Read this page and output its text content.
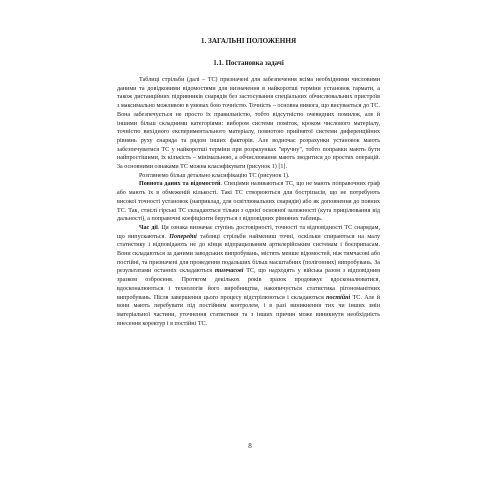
1. ЗАГАЛЬНІ ПОЛОЖЕННЯ
1.1. Постановка задачі

Таблиці стрільби (далі – ТС) призначені для забезпечення всіма необхідними числовими даними та довідковими відомостями для визначення в найкоротші терміни установок гармати, а також дистанційних підривників снарядів без застосування спеціальних обчислювальних пристроїв з максимально можливою в умовах бою точністю. Точність – основна вимога, що висувається до ТС. Вона забезпечується не просто їх правильністю, тобто відсутністю очевидних помилок, але й іншими більш складними категоріями: вибором системи поміток, кроком числового матеріалу, точністю вихідного експериментального матеріалу, повнотою прийнятої системи диференційних рівнянь руху снаряда та рядом інших факторів. Але водночас розрахунки установок мають забезпечуватися ТС у найкоротші терміни при розрахунках "вручну", тобто поправки мають бути найпростішими, їх кількість – мінімальною, а обчислювання мають зводитися до простих операцій. За основними ознаками ТС можна класифікувати (рисунок 1) [1].

Розглянемо більш детально класифікацію ТС (рисунок 1).

Повнота даних та відомостей. Спеціями називаються ТС, що не мають поправочних граф або мають їх в обмеженій кількості. Такі ТС створюються для бостріпасів, що не потребують високої точності установок (наприклад, для освітлювальних снарядів) або як доповнення до повних ТС. Так, стислі гірські ТС складаються тільки з однієї основної залежності (кута прицілювання від дальності), а поправочні коефіцієнти беруться з відповідних рівняних таблиць.

Час дії. Ця ознака визначає ступінь достовірності, точності та відповідності ТС снарядам, що випускаються. Попередні таблиці стрільби наймениш точні, оскільки спираються на малу статистику і відповідають не до кінця відпрацьованим артилерійським системам і боєприпасам. Вони складаються за даними заводських випробувань, містять менше відомостей, ніж тимчасові або постійні, та призначені для проведення подальших більш масштабних (полігонних) випробувань. За результатами останніх складаються тимчасові ТС, що надходять у війська разом з відповідним зразком озброєння. Протягом декількох років зразок продовжує вдосконалюватися, вдосконалюються і технологія його виробництва, накопичується статистика рігономанітних випробувань. Після завершення цього процесу відстрілюються і складаються постійні ТС. Але й вони мають перебувати під постійним контролем, і в разі виникнення тих чи інших змін матеріальної частини, уточнення статистики та з інших причин може виникнути необхідність внесення коректур і в постійні ТС.

8
